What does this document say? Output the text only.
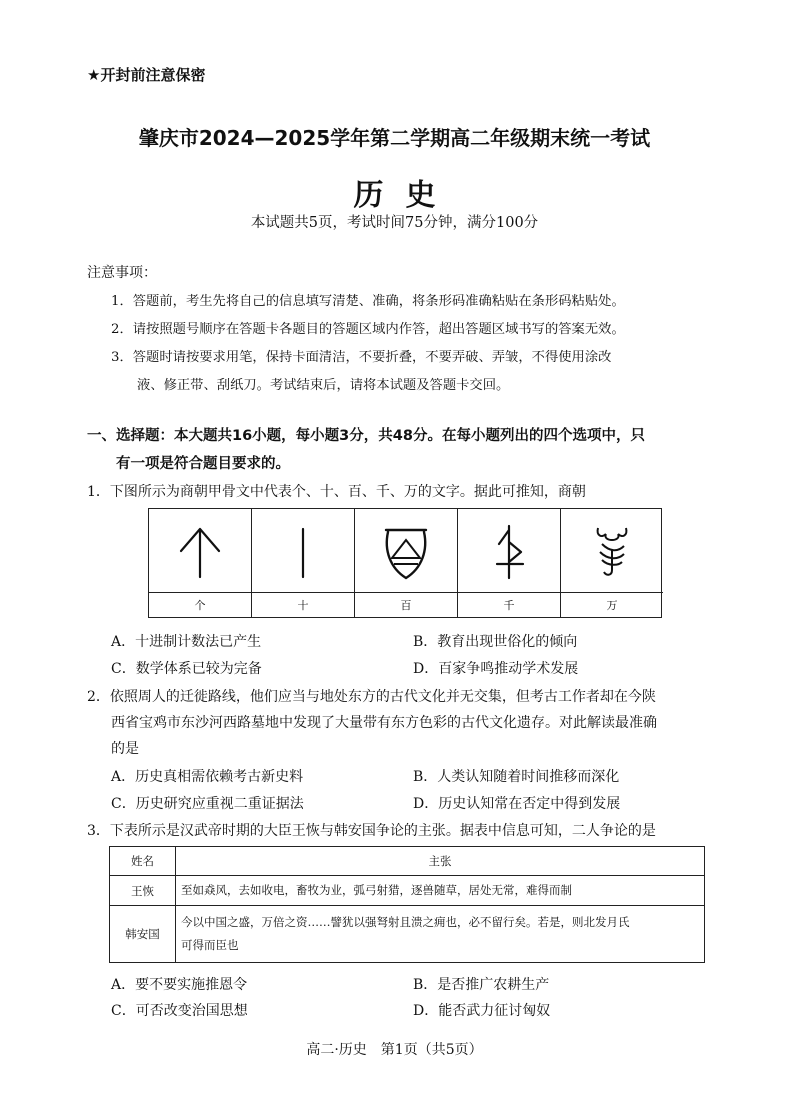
★开封前注意保密
肇庆市2024—2025学年第二学期高二年级期末统一考试
历史
本试题共5页，考试时间75分钟，满分100分
注意事项：
1．答题前，考生先将自己的信息填写清楚、准确，将条形码准确粘贴在条形码粘贴处。
2．请按照题号顺序在答题卡各题目的答题区域内作答，超出答题区域书写的答案无效。
3．答题时请按要求用笔，保持卡面清洁，不要折叠，不要弄破、弄皱，不得使用涂改
液、修正带、刮纸刀。考试结束后，请将本试题及答题卡交回。
一、选择题：本大题共16小题，每小题3分，共48分。在每小题列出的四个选项中，只
有一项是符合题目要求的。
1．下图所示为商朝甲骨文中代表个、十、百、千、万的文字。据此可推知，商朝
个	十	百	千	万
A．十进制计数法已产生	B．教育出现世俗化的倾向
C．数学体系已较为完备	D．百家争鸣推动学术发展
2．依照周人的迁徙路线，他们应当与地处东方的古代文化并无交集，但考古工作者却在今陕
西省宝鸡市东沙河西路墓地中发现了大量带有东方色彩的古代文化遗存。对此解读最准确
的是
A．历史真相需依赖考古新史料	B．人类认知随着时间推移而深化
C．历史研究应重视二重证据法	D．历史认知常在否定中得到发展
3．下表所示是汉武帝时期的大臣王恢与韩安国争论的主张。据表中信息可知，二人争论的是
姓名	主张
王恢	至如猋风，去如收电，畜牧为业，弧弓射猎，逐兽随草，居处无常，难得而制
韩安国	今以中国之盛，万倍之资……譬犹以强弩射且溃之痈也，必不留行矣。若是，则北发月氏
可得而臣也
A．要不要实施推恩令	B．是否推广农耕生产
C．可否改变治国思想	D．能否武力征讨匈奴
高二·历史　第1页（共5页）
